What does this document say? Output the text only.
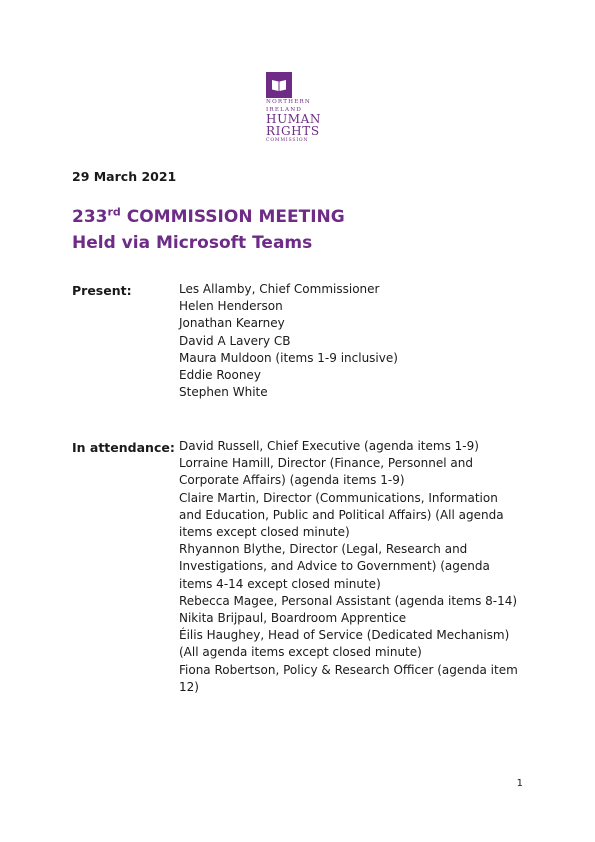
NORTHERN
IRELAND
HUMAN
RIGHTS
COMMISSION
29 March 2021
233rd COMMISSION MEETING
Held via Microsoft Teams
Present:	Les Allamby, Chief Commissioner
Helen Henderson
Jonathan Kearney
David A Lavery CB
Maura Muldoon (items 1-9 inclusive)
Eddie Rooney
Stephen White
In attendance: David Russell, Chief Executive (agenda items 1-9)
Lorraine Hamill, Director (Finance, Personnel and
Corporate Affairs) (agenda items 1-9)
Claire Martin, Director (Communications, Information
and Education, Public and Political Affairs) (All agenda
items except closed minute)
Rhyannon Blythe, Director (Legal, Research and
Investigations, and Advice to Government) (agenda
items 4-14 except closed minute)
Rebecca Magee, Personal Assistant (agenda items 8-14)
Nikita Brijpaul, Boardroom Apprentice
Éilis Haughey, Head of Service (Dedicated Mechanism)
(All agenda items except closed minute)
Fiona Robertson, Policy & Research Officer (agenda item
12)
1
